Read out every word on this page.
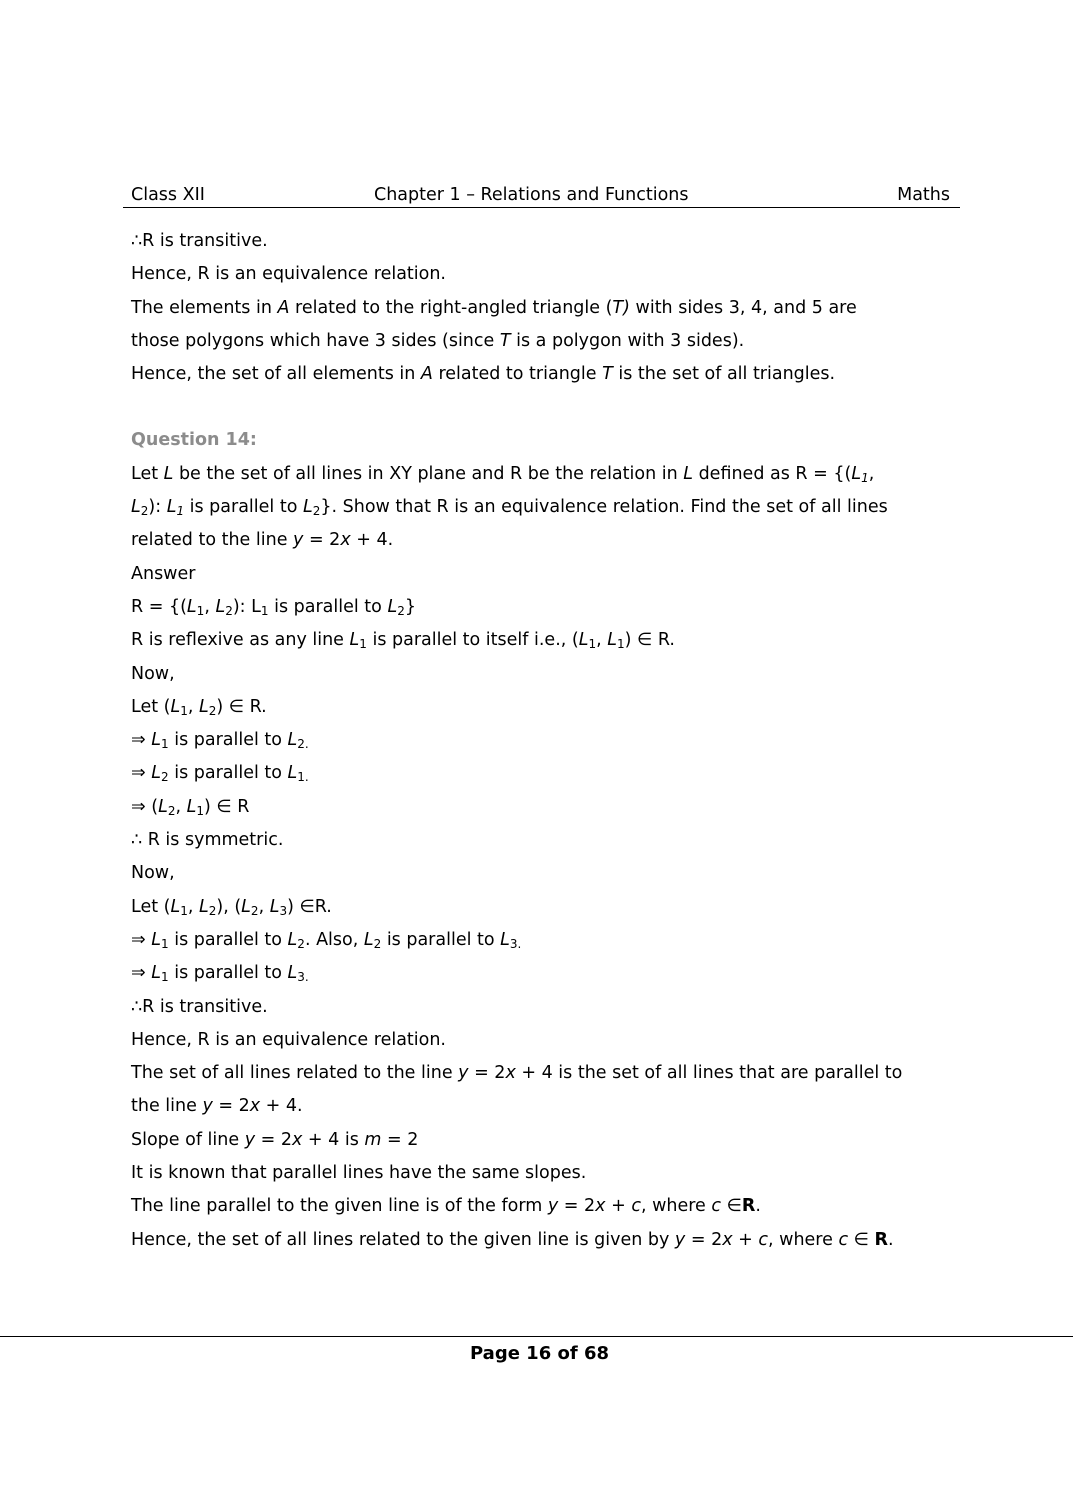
Class XII	Chapter 1 – Relations and Functions	Maths
∴R is transitive.
Hence, R is an equivalence relation.
The elements in A related to the right-angled triangle (T) with sides 3, 4, and 5 are
those polygons which have 3 sides (since T is a polygon with 3 sides).
Hence, the set of all elements in A related to triangle T is the set of all triangles.
Question 14:
Let L be the set of all lines in XY plane and R be the relation in L defined as $R = \{(L_1$,
$L_2$): $L_1$ is parallel to $L_2$}. Show that R is an equivalence relation. Find the set of all lines
related to the line y = 2x + 4.
Answer
$R = \{(L_1$, $L_2$): $L_1$ is parallel to $L_2$}
R is reflexive as any line $L_1$ is parallel to itself i.e., ($L_1$, $L_1$) ∈ R.
Now,
Let ($L_1$, $L_2$) ∈ R.
⇒ $L_1$ is parallel to $L_{2.}$
⇒ $L_2$ is parallel to $L_{1.}$
⇒ ($L_2$, $L_1$) ∈ R
∴ R is symmetric.
Now,
Let ($L_1$, $L_2$), ($L_2$, $L_3$) ∈R.
⇒ $L_1$ is parallel to $L_2$. Also, $L_2$ is parallel to $L_{3.}$
⇒ $L_1$ is parallel to $L_{3.}$
∴R is transitive.
Hence, R is an equivalence relation.
The set of all lines related to the line y = 2x + 4 is the set of all lines that are parallel to
the line y = 2x + 4.
Slope of line y = 2x + 4 is m = 2
It is known that parallel lines have the same slopes.
The line parallel to the given line is of the form y = 2x + c, where c ∈R.
Hence, the set of all lines related to the given line is given by y = 2x + c, where c ∈ R.
Page 16 of 68
